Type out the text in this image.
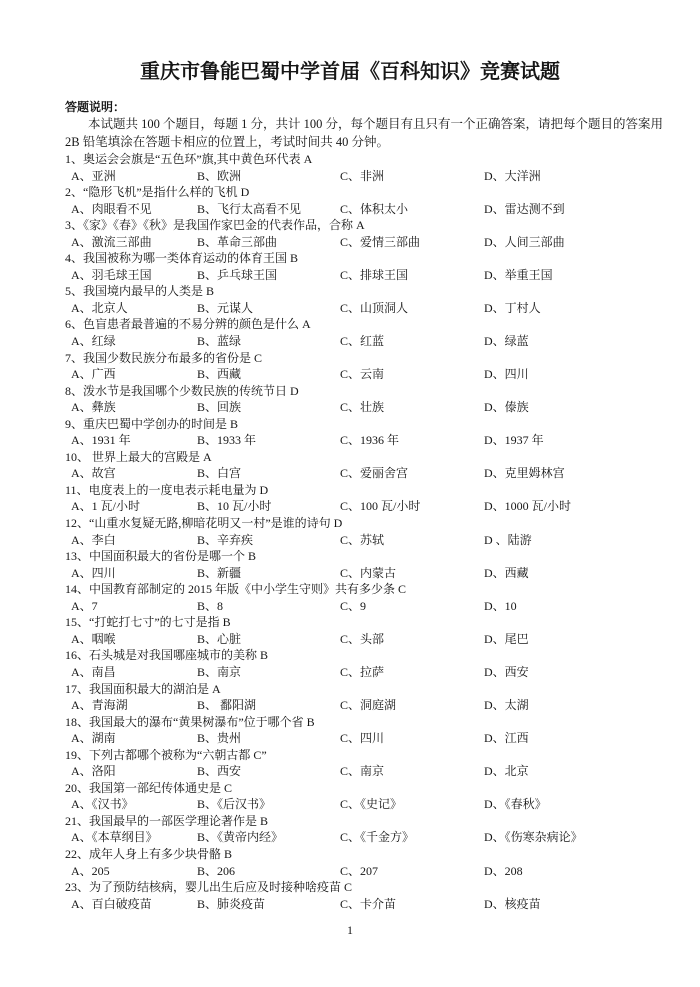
重庆市鲁能巴蜀中学首届《百科知识》竞赛试题
答题说明：
本试题共 100 个题目，每题 1 分，共计 100 分，每个题目有且只有一个正确答案，请把每个题目的答案用
2B 铅笔填涂在答题卡相应的位置上，考试时间共 40 分钟。
1、奥运会会旗是“五色环”旗,其中黄色环代表 A
A、亚洲	B、欧洲	C、非洲	D、大洋洲
2、“隐形飞机”是指什么样的飞机 D
A、肉眼看不见	B、飞行太高看不见	C、体积太小	D、雷达测不到
3、《家》《春》《秋》是我国作家巴金的代表作品，合称 A
A、激流三部曲	B、革命三部曲	C、爱情三部曲	D、人间三部曲
4、我国被称为哪一类体育运动的体育王国 B
A、羽毛球王国	B、乒乓球王国	C、排球王国	D、举重王国
5、我国境内最早的人类是 B
A、北京人	B、元谋人	C、山顶洞人	D、丁村人
6、色盲患者最普遍的不易分辨的颜色是什么 A
A、红绿	B、蓝绿	C、红蓝	D、绿蓝
7、我国少数民族分布最多的省份是 C
A、广西	B、西藏	C、云南	D、四川
8、泼水节是我国哪个少数民族的传统节日 D
A、彝族	B、回族	C、壮族	D、傣族
9、重庆巴蜀中学创办的时间是 B
A、1931 年	B、1933 年	C、1936 年	D、1937 年
10、 世界上最大的宫殿是 A
A、故宫	B、白宫	C、爱丽舍宫	D、克里姆林宫
11、电度表上的一度电表示耗电量为 D
A、1 瓦/小时	B、10 瓦/小时	C、100 瓦/小时	D、1000 瓦/小时
12、“山重水复疑无路,柳暗花明又一村”是谁的诗句 D
A、李白	B、辛弃疾	C、苏轼	D 、陆游
13、中国面积最大的省份是哪一个 B
A、四川	B、新疆	C、内蒙古	D、西藏
14、中国教育部制定的 2015 年版《中小学生守则》共有多少条 C
A、7	B、8	C、9	D、10
15、“打蛇打七寸”的七寸是指 B
A、咽喉	B、心脏	C、头部	D、尾巴
16、石头城是对我国哪座城市的美称 B
A、南昌	B、南京	C、拉萨	D、西安
17、我国面积最大的湖泊是 A
A、青海湖	B、 鄱阳湖	C、洞庭湖	D、太湖
18、我国最大的瀑布“黄果树瀑布”位于哪个省 B
A、湖南	B、贵州	C、四川	D、江西
19、下列古都哪个被称为“六朝古都 C”
A、洛阳	B、西安	C、南京	D、北京
20、我国第一部纪传体通史是 C
A、《汉书》	B、《后汉书》	C、《史记》	D、《春秋》
21、我国最早的一部医学理论著作是 B
A、《本草纲目》	B、《黄帝内经》	C、《千金方》	D、《伤寒杂病论》
22、成年人身上有多少块骨骼 B
A、205	B、206	C、207	D、208
23、为了预防结核病，婴儿出生后应及时接种啥疫苗 C
A、百白破疫苗	B、肺炎疫苗	C、卡介苗	D、核疫苗
1
